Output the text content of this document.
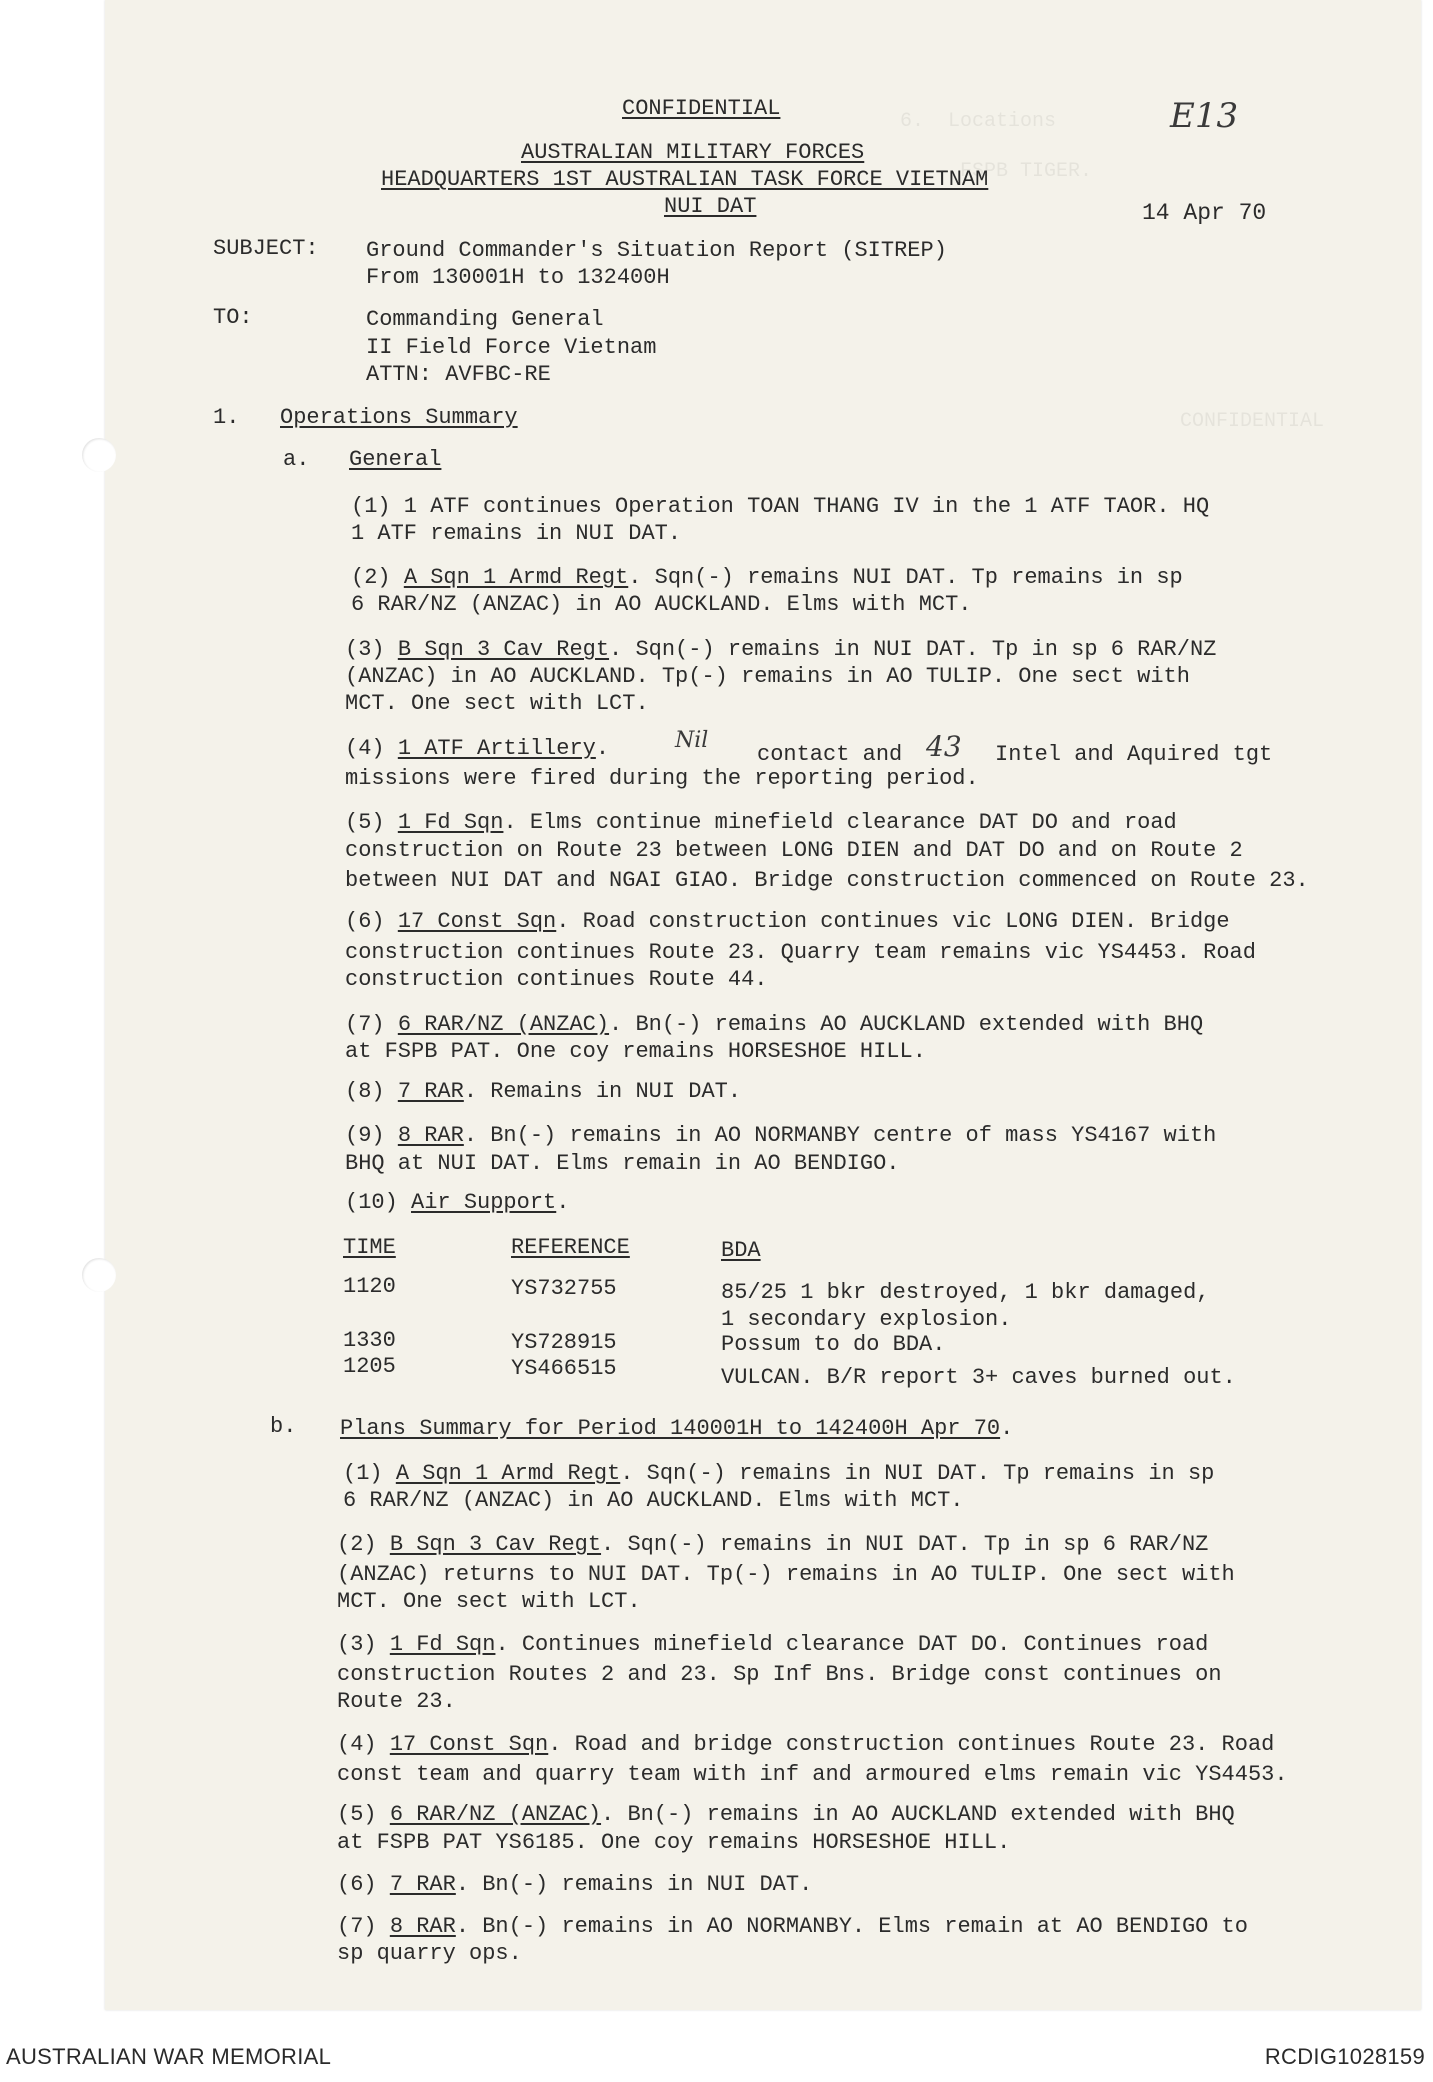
6.  Locations
FSPB TIGER.
CONFIDENTIAL
CONFIDENTIAL	E13
AUSTRALIAN MILITARY FORCES
HEADQUARTERS 1ST AUSTRALIAN TASK FORCE VIETNAM
NUI DAT	14 Apr 70
SUBJECT: Ground Commander's Situation Report (SITREP)
From 130001H to 132400H
TO:	Commanding General
II Field Force Vietnam
ATTN: AVFBC-RE
1. Operations Summary
a. General
(1) 1 ATF continues Operation TOAN THANG IV in the 1 ATF TAOR. HQ
1 ATF remains in NUI DAT.
(2) A Sqn 1 Armd Regt. Sqn(-) remains NUI DAT. Tp remains in sp
6 RAR/NZ (ANZAC) in AO AUCKLAND. Elms with MCT.
(3) B Sqn 3 Cav Regt. Sqn(-) remains in NUI DAT. Tp in sp 6 RAR/NZ
(ANZAC) in AO AUCKLAND. Tp(-) remains in AO TULIP. One sect with
MCT. One sect with LCT.
(4) 1 ATF Artillery.	Nil
contact and 43 Intel and Aquired tgt
missions were fired during the reporting period.
(5) 1 Fd Sqn. Elms continue minefield clearance DAT DO and road
construction on Route 23 between LONG DIEN and DAT DO and on Route 2
between NUI DAT and NGAI GIAO. Bridge construction commenced on Route 23.
(6) 17 Const Sqn. Road construction continues vic LONG DIEN. Bridge
construction continues Route 23. Quarry team remains vic YS4453. Road
construction continues Route 44.
(7) 6 RAR/NZ (ANZAC). Bn(-) remains AO AUCKLAND extended with BHQ
at FSPB PAT. One coy remains HORSESHOE HILL.
(8) 7 RAR. Remains in NUI DAT.
(9) 8 RAR. Bn(-) remains in AO NORMANBY centre of mass YS4167 with
BHQ at NUI DAT. Elms remain in AO BENDIGO.
(10) Air Support.
TIME	REFERENCE	BDA
1120	YS732755	85/25 1 bkr destroyed, 1 bkr damaged,
1 secondary explosion.
1330	YS728915	Possum to do BDA.
1205	YS466515	VULCAN. B/R report 3+ caves burned out.
b. Plans Summary for Period 140001H to 142400H Apr 70.
(1) A Sqn 1 Armd Regt. Sqn(-) remains in NUI DAT. Tp remains in sp
6 RAR/NZ (ANZAC) in AO AUCKLAND. Elms with MCT.
(2) B Sqn 3 Cav Regt. Sqn(-) remains in NUI DAT. Tp in sp 6 RAR/NZ
(ANZAC) returns to NUI DAT. Tp(-) remains in AO TULIP. One sect with
MCT. One sect with LCT.
(3) 1 Fd Sqn. Continues minefield clearance DAT DO. Continues road
construction Routes 2 and 23. Sp Inf Bns. Bridge const continues on
Route 23.
(4) 17 Const Sqn. Road and bridge construction continues Route 23. Road
const team and quarry team with inf and armoured elms remain vic YS4453.
(5) 6 RAR/NZ (ANZAC). Bn(-) remains in AO AUCKLAND extended with BHQ
at FSPB PAT YS6185. One coy remains HORSESHOE HILL.
(6) 7 RAR. Bn(-) remains in NUI DAT.
(7) 8 RAR. Bn(-) remains in AO NORMANBY. Elms remain at AO BENDIGO to
sp quarry ops.
AUSTRALIAN WAR MEMORIAL	RCDIG1028159
